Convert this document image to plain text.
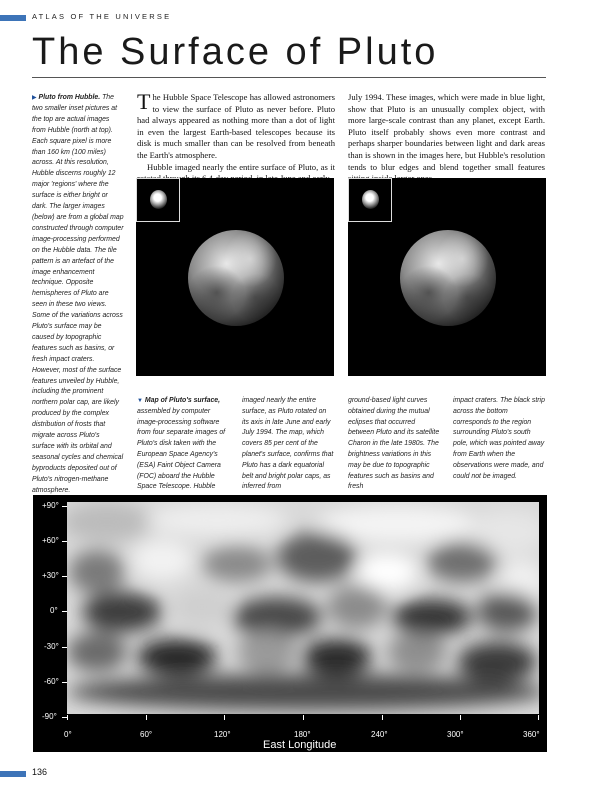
ATLAS OF THE UNIVERSE
The Surface of Pluto
▶ Pluto from Hubble. The two smaller inset pictures at the top are actual images from Hubble (north at top). Each square pixel is more than 160 km (100 miles) across. At this resolution, Hubble discerns roughly 12 major 'regions' where the surface is either bright or dark. The larger images (below) are from a global map constructed through computer image-processing performed on the Hubble data. The tile pattern is an artefact of the image enhancement technique. Opposite hemispheres of Pluto are seen in these two views. Some of the variations across Pluto's surface may be caused by topographic features such as basins, or fresh impact craters. However, most of the surface features unveiled by Hubble, including the prominent northern polar cap, are likely produced by the complex distribution of frosts that migrate across Pluto's surface with its orbital and seasonal cycles and chemical byproducts deposited out of Pluto's nitrogen-methane atmosphere.

The Hubble Space Telescope has allowed astronomers to view the surface of Pluto as never before. Pluto had always appeared as nothing more than a dot of light in even the largest Earth-based telescopes because its disk is much smaller than can be resolved from beneath the Earth's atmosphere.

Hubble imaged nearly the entire surface of Pluto, as it

July 1994. These images, which were made in blue light, show that Pluto is an unusually complex object, with more large-scale contrast than any planet, except Earth. Pluto itself probably shows even more contrast and perhaps sharper boundaries between light and dark areas than is shown in the images here, but Hubble's resolution tends to blur edges and blend together small features

▼ Map of Pluto's surface, assembled by computer image-processing software from four separate images of Pluto's disk taken with the European Space Agency's (ESA) Faint Object Camera (FOC) aboard the Hubble Space Telescope. Hubble
imaged nearly the entire surface, as Pluto rotated on its axis in late June and early July 1994. The map, which covers 85 per cent of the planet's surface, confirms that Pluto has a dark equatorial belt and bright polar caps, as inferred from
ground-based light curves obtained during the mutual eclipses that occurred between Pluto and its satellite Charon in the late 1980s. The brightness variations in this may be due to topographic features such as basins and fresh
impact craters. The black strip across the bottom corresponds to the region surrounding Pluto's south pole, which was pointed away from Earth when the observations were made, and could not be imaged.
+90°
+60°
+30°
0°
-30°
-60°
-90°
Latitude
0°	60°	120°	180°	240°	300°	360°
East Longitude
136
